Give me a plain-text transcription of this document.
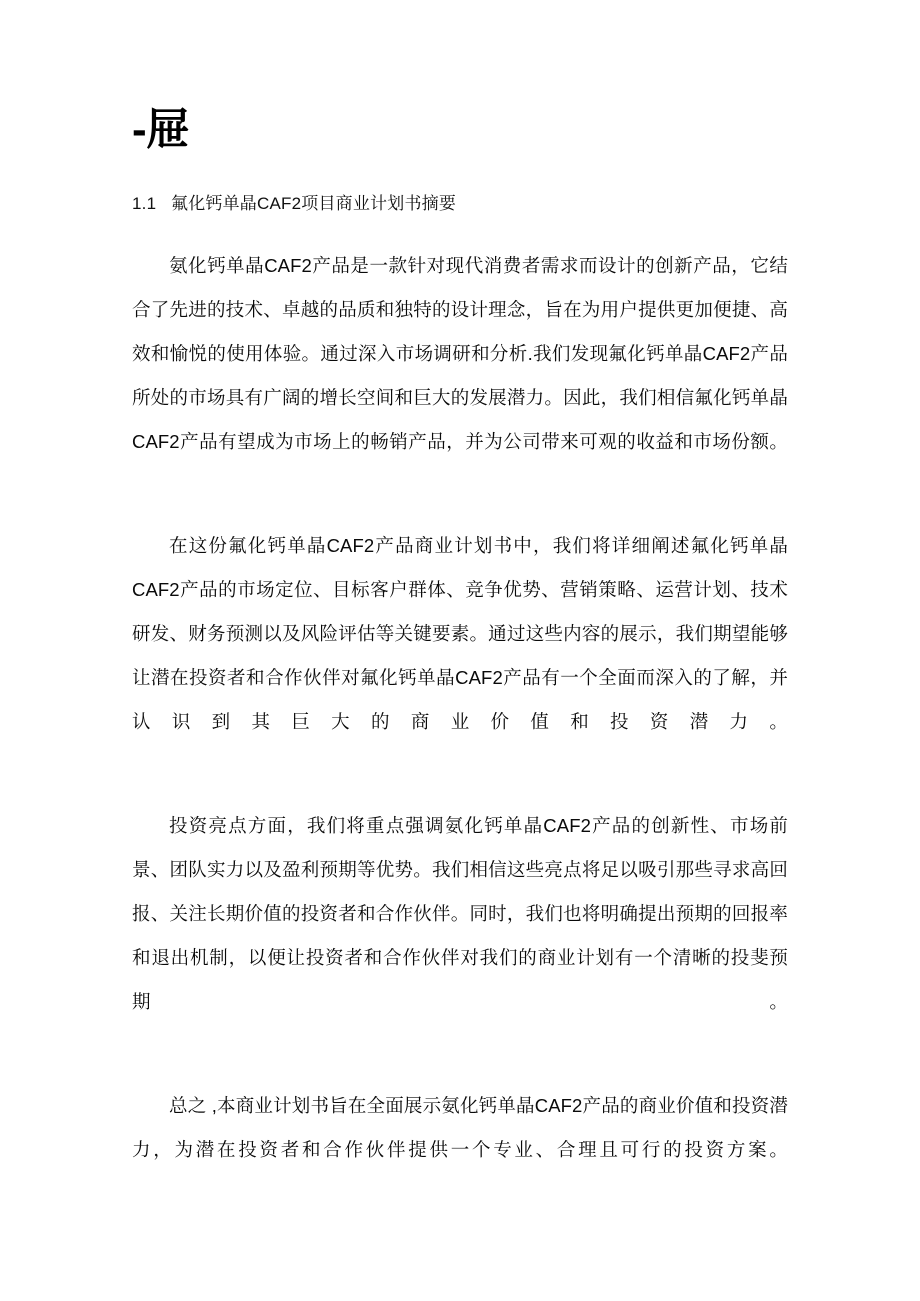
-屉
1.1   氟化钙单晶CAF2项目商业计划书摘要

氨化钙单晶CAF2产品是一款针对现代消费者需求而设计的创新产品，它结合了先进的技术、卓越的品质和独特的设计理念，旨在为用户提供更加便捷、高效和愉悦的使用体验。通过深入市场调研和分析.我们发现氟化钙单晶CAF2产品所处的市场具有广阔的增长空间和巨大的发展潜力。因此，我们相信氟化钙单晶CAF2产品有望成为市场上的畅销产品，并为公司带来可观的收益和市场份额。

在这份氟化钙单晶CAF2产品商业计划书中，我们将详细阐述氟化钙单晶CAF2产品的市场定位、目标客户群体、竞争优势、营销策略、运营计划、技术研发、财务预测以及风险评估等关键要素。通过这些内容的展示，我们期望能够让潜在投资者和合作伙伴对氟化钙单晶CAF2产品有一个全面而深入的了解，并认识到其巨大的商业价值和投资潜力。

投资亮点方面，我们将重点强调氨化钙单晶CAF2产品的创新性、市场前景、团队实力以及盈利预期等优势。我们相信这些亮点将足以吸引那些寻求高回报、关注长期价值的投资者和合作伙伴。同时，我们也将明确提出预期的回报率和退出机制，以便让投资者和合作伙伴对我们的商业计划有一个清晰的投斐预期。

总之 ,本商业计划书旨在全面展示氨化钙单晶CAF2产品的商业价值和投资潜力，为潜在投资者和合作伙伴提供一个专业、合理且可行的投资方案。
